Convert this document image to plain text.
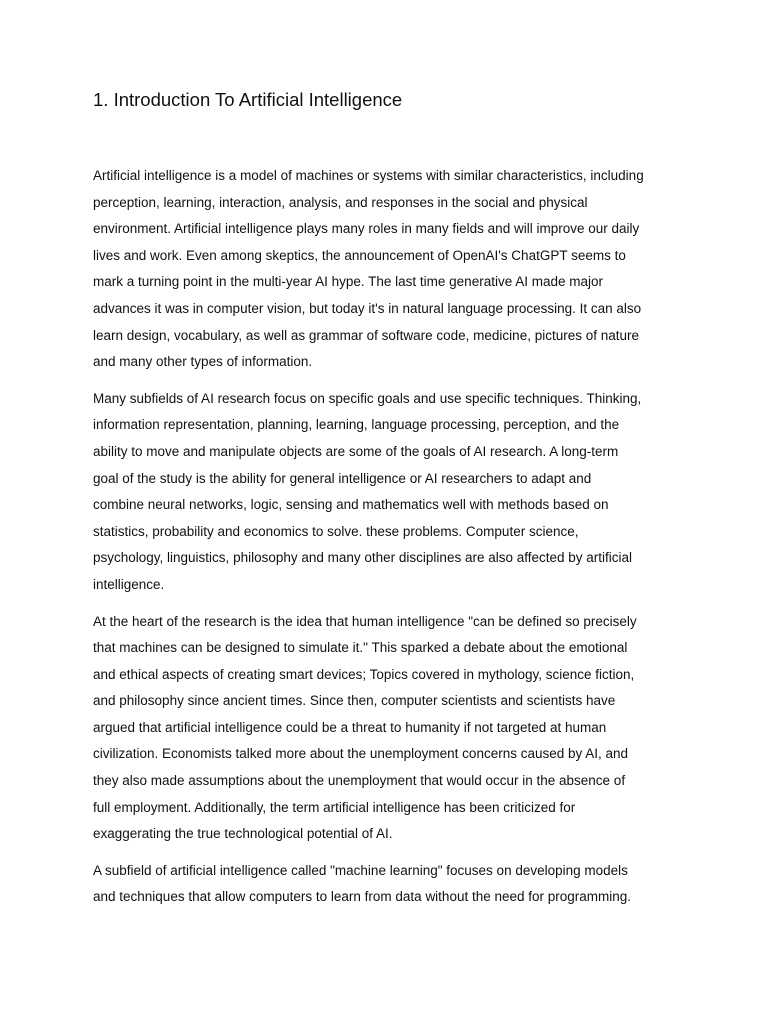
1. Introduction To Artificial Intelligence

Artificial intelligence is a model of machines or systems with similar characteristics, including
perception, learning, interaction, analysis, and responses in the social and physical
environment. Artificial intelligence plays many roles in many fields and will improve our daily
lives and work. Even among skeptics, the announcement of OpenAI's ChatGPT seems to
mark a turning point in the multi-year AI hype. The last time generative AI made major
advances it was in computer vision, but today it's in natural language processing. It can also
learn design, vocabulary, as well as grammar of software code, medicine, pictures of nature
and many other types of information.

Many subfields of AI research focus on specific goals and use specific techniques. Thinking,
information representation, planning, learning, language processing, perception, and the
ability to move and manipulate objects are some of the goals of AI research. A long-term
goal of the study is the ability for general intelligence or AI researchers to adapt and
combine neural networks, logic, sensing and mathematics well with methods based on
statistics, probability and economics to solve. these problems. Computer science,
psychology, linguistics, philosophy and many other disciplines are also affected by artificial
intelligence.

At the heart of the research is the idea that human intelligence "can be defined so precisely
that machines can be designed to simulate it." This sparked a debate about the emotional
and ethical aspects of creating smart devices; Topics covered in mythology, science fiction,
and philosophy since ancient times. Since then, computer scientists and scientists have
argued that artificial intelligence could be a threat to humanity if not targeted at human
civilization. Economists talked more about the unemployment concerns caused by AI, and
they also made assumptions about the unemployment that would occur in the absence of
full employment. Additionally, the term artificial intelligence has been criticized for
exaggerating the true technological potential of AI.

A subfield of artificial intelligence called "machine learning" focuses on developing models
and techniques that allow computers to learn from data without the need for programming.
